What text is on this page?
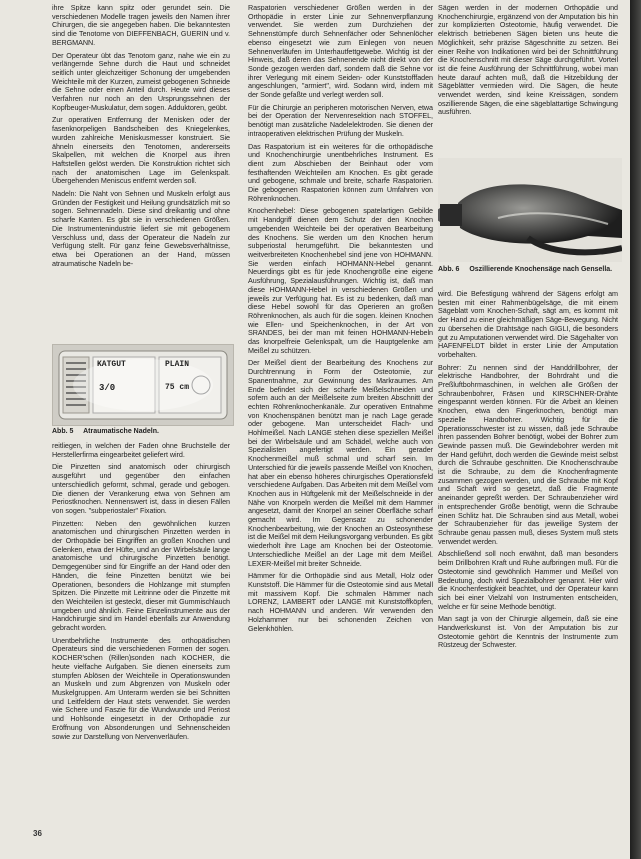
ihre Spitze kann spitz oder gerundet sein. Die verschiedenen Modelle tragen jeweils den Namen ihrer Chirurgen, die sie angegeben haben. Die bekanntesten sind die Tenotome von DIEFFENBACH, GUERIN und v. BERGMANN.

Der Operateur übt das Tenotom ganz, nahe wie ein zu verlängernde Sehne durch die Haut und schneidet seitlich unter gleichzeitiger Schonung der umgebenden Weichteile mit der Kurzen, zumeist gebogenen Schneide die Sehne oder einen Anteil durch. Heute wird dieses Verfahren nur noch an den Ursprungssehnen der Kopfbeuger-Muskulatur, dem sogen. Adduktoren, geübt.

Zur operativen Entfernung der Menisken oder der fasenknorpeligen Bandscheiben des Kniegelenkes, wurden zahlreiche Meniskusmesser konstruiert. Sie ähneln einerseits den Tenotomen, andererseits Skalpellen, mit welchen die Knorpel aus ihren Haftstellen gelöst werden. Die Konstruktion richtet sich nach der anatomischen Lage im Gelenkspalt. Übergehenden Meniscus entfernt werden soll.

Nadeln: Die Naht von Sehnen und Muskeln erfolgt aus Gründen der Festigkeit und Heilung grundsätzlich mit so sogen. Sehnennadeln. Diese sind dreikantig und ohne scharfe Kanten. Es gibt sie in verschiedenen Größen. Die Instrumentenindustrie liefert sie mit gebogenem Verschluss und, dass der Operateur die Nadeln zur Verfügung stellt. Für ganz feine Gewebsverhältnisse, etwa bei Operationen an der Hand, müssen atraumatische Nadeln be-

KATGUT	PLAIN
3/0	75 cm
Abb. 5 Atraumatische Nadeln.

reitliegen, in welchen der Faden ohne Bruchstelle der Herstellerfirma eingearbeitet geliefert wird.

Die Pinzetten sind anatomisch oder chirurgisch ausgeführt und gegenüber den einfachen unterschiedlich geformt, schmal, gerade und gebogen. Die dienen der Verankerung etwa von Sehnen am Periostknochen. Nennenswert ist, dass in diesen Fällen von sogen. "subperiostaler" Fixation.

Pinzetten: Neben den gewöhnlichen kurzen anatomischen und chirurgischen Pinzetten werden in der Orthopädie bei Eingriffen an großen Knochen und Gelenken, etwa der Hüfte, und an der Wirbelsäule lange anatomische und chirurgische Pinzetten benötigt. Demgegenüber sind für Eingriffe an der Hand oder den Händen, die feine Pinzetten benützt wie bei Operationen, besonders die Hohlzange mit stumpfen Spitzen. Die Pinzette mit Leitrinne oder die Pinzette mit den Weichteilen ist gesteckt, dieser mit Gummischlauch umgeben und ähnlich. Feine Einzelinstrumente aus der Handchirurgie sind im Handel ebenfalls zur Anwendung gebracht worden.

Unentbehrliche Instrumente des orthopädischen Operateurs sind die verschiedenen Formen der sogen. KOCHER'schen (Rillen)sonden nach KOCHER, die heute vielfache Aufgaben. Sie dienen einerseits zum stumpfen Ablösen der Weichteile in Operationswunden an Muskeln und zum Abgrenzen von Muskeln oder Muskelgruppen. Am Unterarm werden sie bei Schnitten und Leitfeldern der Haut stets verwendet. Sie werden wie Schere und Faszie für die Wundwunde und Periost und Hohlsonde eingesetzt in der Orthopädie zur Eröffnung von Absonderungen und Sehnenscheiden sowie zur Darstellung von Nervenverläufen.

Raspatorien verschiedener Größen werden in der Orthopädie in erster Linie zur Sehnenverpflanzung verwendet. Sie werden zum Durchziehen der Sehnenstümpfe durch Sehnenfächer oder Sehnenlöcher ebenso eingesetzt wie zum Einlegen von neuen Sehnenverläufen im Unterhautfettgewebe. Wichtig ist der Hinweis, daß deren das Sehnenende nicht direkt von der Sonde gezogen werden darf, sondern daß die Sehne vor ihrer Verlegung mit einem Seiden- oder Kunststofffaden angeschlungen, "armiert", wird. Sodann wird, indem mit der Sonde gefaßte und verlegt werden soll.

Für die Chirurgie an peripheren motorischen Nerven, etwa bei der Operation der Nervenresektion nach STOFFEL, benötigt man zusätzliche Nadelelektroden. Sie dienen der intraoperativen elektrischen Prüfung der Muskeln.

Das Raspatorium ist ein weiteres für die orthopädische und Knochenchirurgie unentbehrliches Instrument. Es dient zum Abschieben der Beinhaut oder vom festhaftenden Weichteilen am Knochen. Es gibt gerade und gebogene, schmale und breite, scharfe Raspatorien. Die gebogenen Raspatorien können zum Umfahren von Röhrenknochen.

Knochenhebel: Diese gebogenen spatelartigen Gebilde mit Handgriff dienen dem Schutz der den Knochen umgebenden Weichteile bei der operativen Bearbeitung des Knochens. Sie werden um den Knochen herum subperiostal herumgeführt. Die bekanntesten und weitverbreiteten Knochenhebel sind jene von HOHMANN. Sie werden einfach HOHMANN-Hebel genannt. Neuerdings gibt es für jede Knochengröße eine eigene Ausführung, Spezialausführungen. Wichtig ist, daß man diese HOHMANN-Hebel in verschiedenen Größen und jeweils zur Verfügung hat. Es ist zu bedenken, daß man diese Hebel sowohl für das Operieren an großen Röhrenknochen, als auch für die sogen. kleinen Knochen wie Ellen- und Speichenknochen, in der Art von SRANDES, bei der man mit feinen HOHMANN-Hebeln das knorpelfreie Gelenkspalt, um die Hauptgelenke am Meißel zu schützen.

Der Meißel dient der Bearbeitung des Knochens zur Durchtrennung in Form der Osteotomie, zur Spanentnahme, zur Gewinnung des Markraumes. Am Ende befindet sich der scharfe Meißelschneiden und sofern auch an der Meißelseite zum breiten Abschnitt der echten Röhrenknochenkanäle. Zur operativen Entnahme von Knochenspänen benützt man je nach Lage gerade oder gebogene. Man unterscheidet Flach- und Hohlmeißel. Nach LANGE stehen diese speziellen Meißel bei der Wirbelsäule und am Schädel, welche auch von Spezialisten angefertigt werden. Ein gerader Knochenmeißel muß schmal und scharf sein. Im Unterschied für die jeweils passende Meißel von Knochen, hat aber ein ebenso höheres chirurgisches Operationsfeld verschiedene Aufgaben. Das Arbeiten mit dem Meißel vom Knochen aus in Hüftgelenk mit der Meißelschneide in der Nähe von Knorpeln werden die Meißel mit dem Hammer angesetzt, damit der Knorpel an seiner Oberfläche scharf gemacht wird. Im Gegensatz zu schonender Knochenbearbeitung, wie der Knochen an Osteosynthese ist die Meißel mit dem Heilungsvorgang verbunden. Es gibt wiederholt ihre Lage am Knochen bei der Osteotomie. Unterschiedliche Meißel an der Lage mit dem Meißel. LEXER-Meißel mit breiter Schneide.

Hämmer für die Orthopädie sind aus Metall, Holz oder Kunststoff. Die Hämmer für die Osteotomie sind aus Metall mit massivem Kopf. Die schmalen Hämmer nach LORENZ, LAMBERT oder LANGE mit Kunststoffköpfen, nach HOHMANN und anderen. Wir verwenden den Holzhammer nur bei schonenden Zeichen von Gelenkhöhlen.

Sägen werden in der modernen Orthopädie und Knochenchirurgie, ergänzend von der Amputation bis hin zur komplizierten Osteotomie, häufig verwendet. Die elektrisch betriebenen Sägen bieten uns heute die Möglichkeit, sehr präzise Sägeschnitte zu setzen. Bei einer Reihe von Indikationen wird bei der Schnittführung die Knochenschnitt mit dieser Säge durchgeführt. Vorteil ist die feine Ausführung der Schnittführung, wobei man heute darauf achten muß, daß die Hitzebildung der Sägeblätter vermieden wird. Die Sägen, die heute verwendet werden, sind keine Kreissägen, sondern oszillierende Sägen, die eine sägeblattartige Schwingung ausführen.

Abb. 6 Oszillierende Knochensäge nach Gensella.

wird. Die Befestigung während der Sägens erfolgt am besten mit einer Rahmenbügelsäge, die mit einem Sägeblatt vom Knochen-Schaft, sägt am, es kommt mit der Hand zu einer gleichmäßigen Säge-Bewegung. Nicht zu übersehen die Drahtsäge nach GIGLI, die besonders gut zu Amputationen verwendet wird. Die Sägehalter von HAFENFELDT bildet in erster Linie der Amputation vorbehalten.

Bohrer: Zu nennen sind der Handdrillbohrer, der elektrische Handbohrer, der Bohrdraht und die Preßluftbohrmaschinen, in welchen alle Größen der Schraubenbohrer, Fräsen und KIRSCHNER-Drähte eingespannt werden können. Für die Arbeit an kleinen Knochen, etwa den Fingerknochen, benötigt man spezielle Handbohrer. Wichtig für die Operationsschwester ist zu wissen, daß jede Schraube ihren passenden Bohrer benötigt, wobei der Bohrer zum Gewinde passen muß. Die Gewindebohrer werden mit der Hand geführt, doch werden die Gewinde meist selbst durch die Schraube geschnitten. Die Knochenschraube ist die Schraube, zu dem die Knochenfragmente zusammen gezogen werden, und die Schraube mit Kopf und Schaft wird so gesetzt, daß die Fragmente aneinander gepreßt werden. Der Schraubenzieher wird in entsprechender Größe benötigt, wenn die Schraube einen Schlitz hat. Die Schrauben sind aus Metall, wobei der Schraubenzieher für das jeweilige System der Schraube genau passen muß, dieses System muß stets verwendet werden.

Abschließend soll noch erwähnt, daß man besonders beim Drillbohren Kraft und Ruhe aufbringen muß. Für die Osteotomie sind gewöhnlich Hammer und Meißel von Bedeutung, doch wird Spezialbohrer genannt. Hier wird die Knochenfestigkeit beachtet, und der Operateur kann sich bei einer Vielzahl von Instrumenten entscheiden, welche er für seine Methode benötigt.

Man sagt ja von der Chirurgie allgemein, daß sie eine Handwerkskunst ist. Von der Amputation bis zur Osteotomie gehört die Kenntnis der Instrumente zum Rüstzeug der Schwester.

36
